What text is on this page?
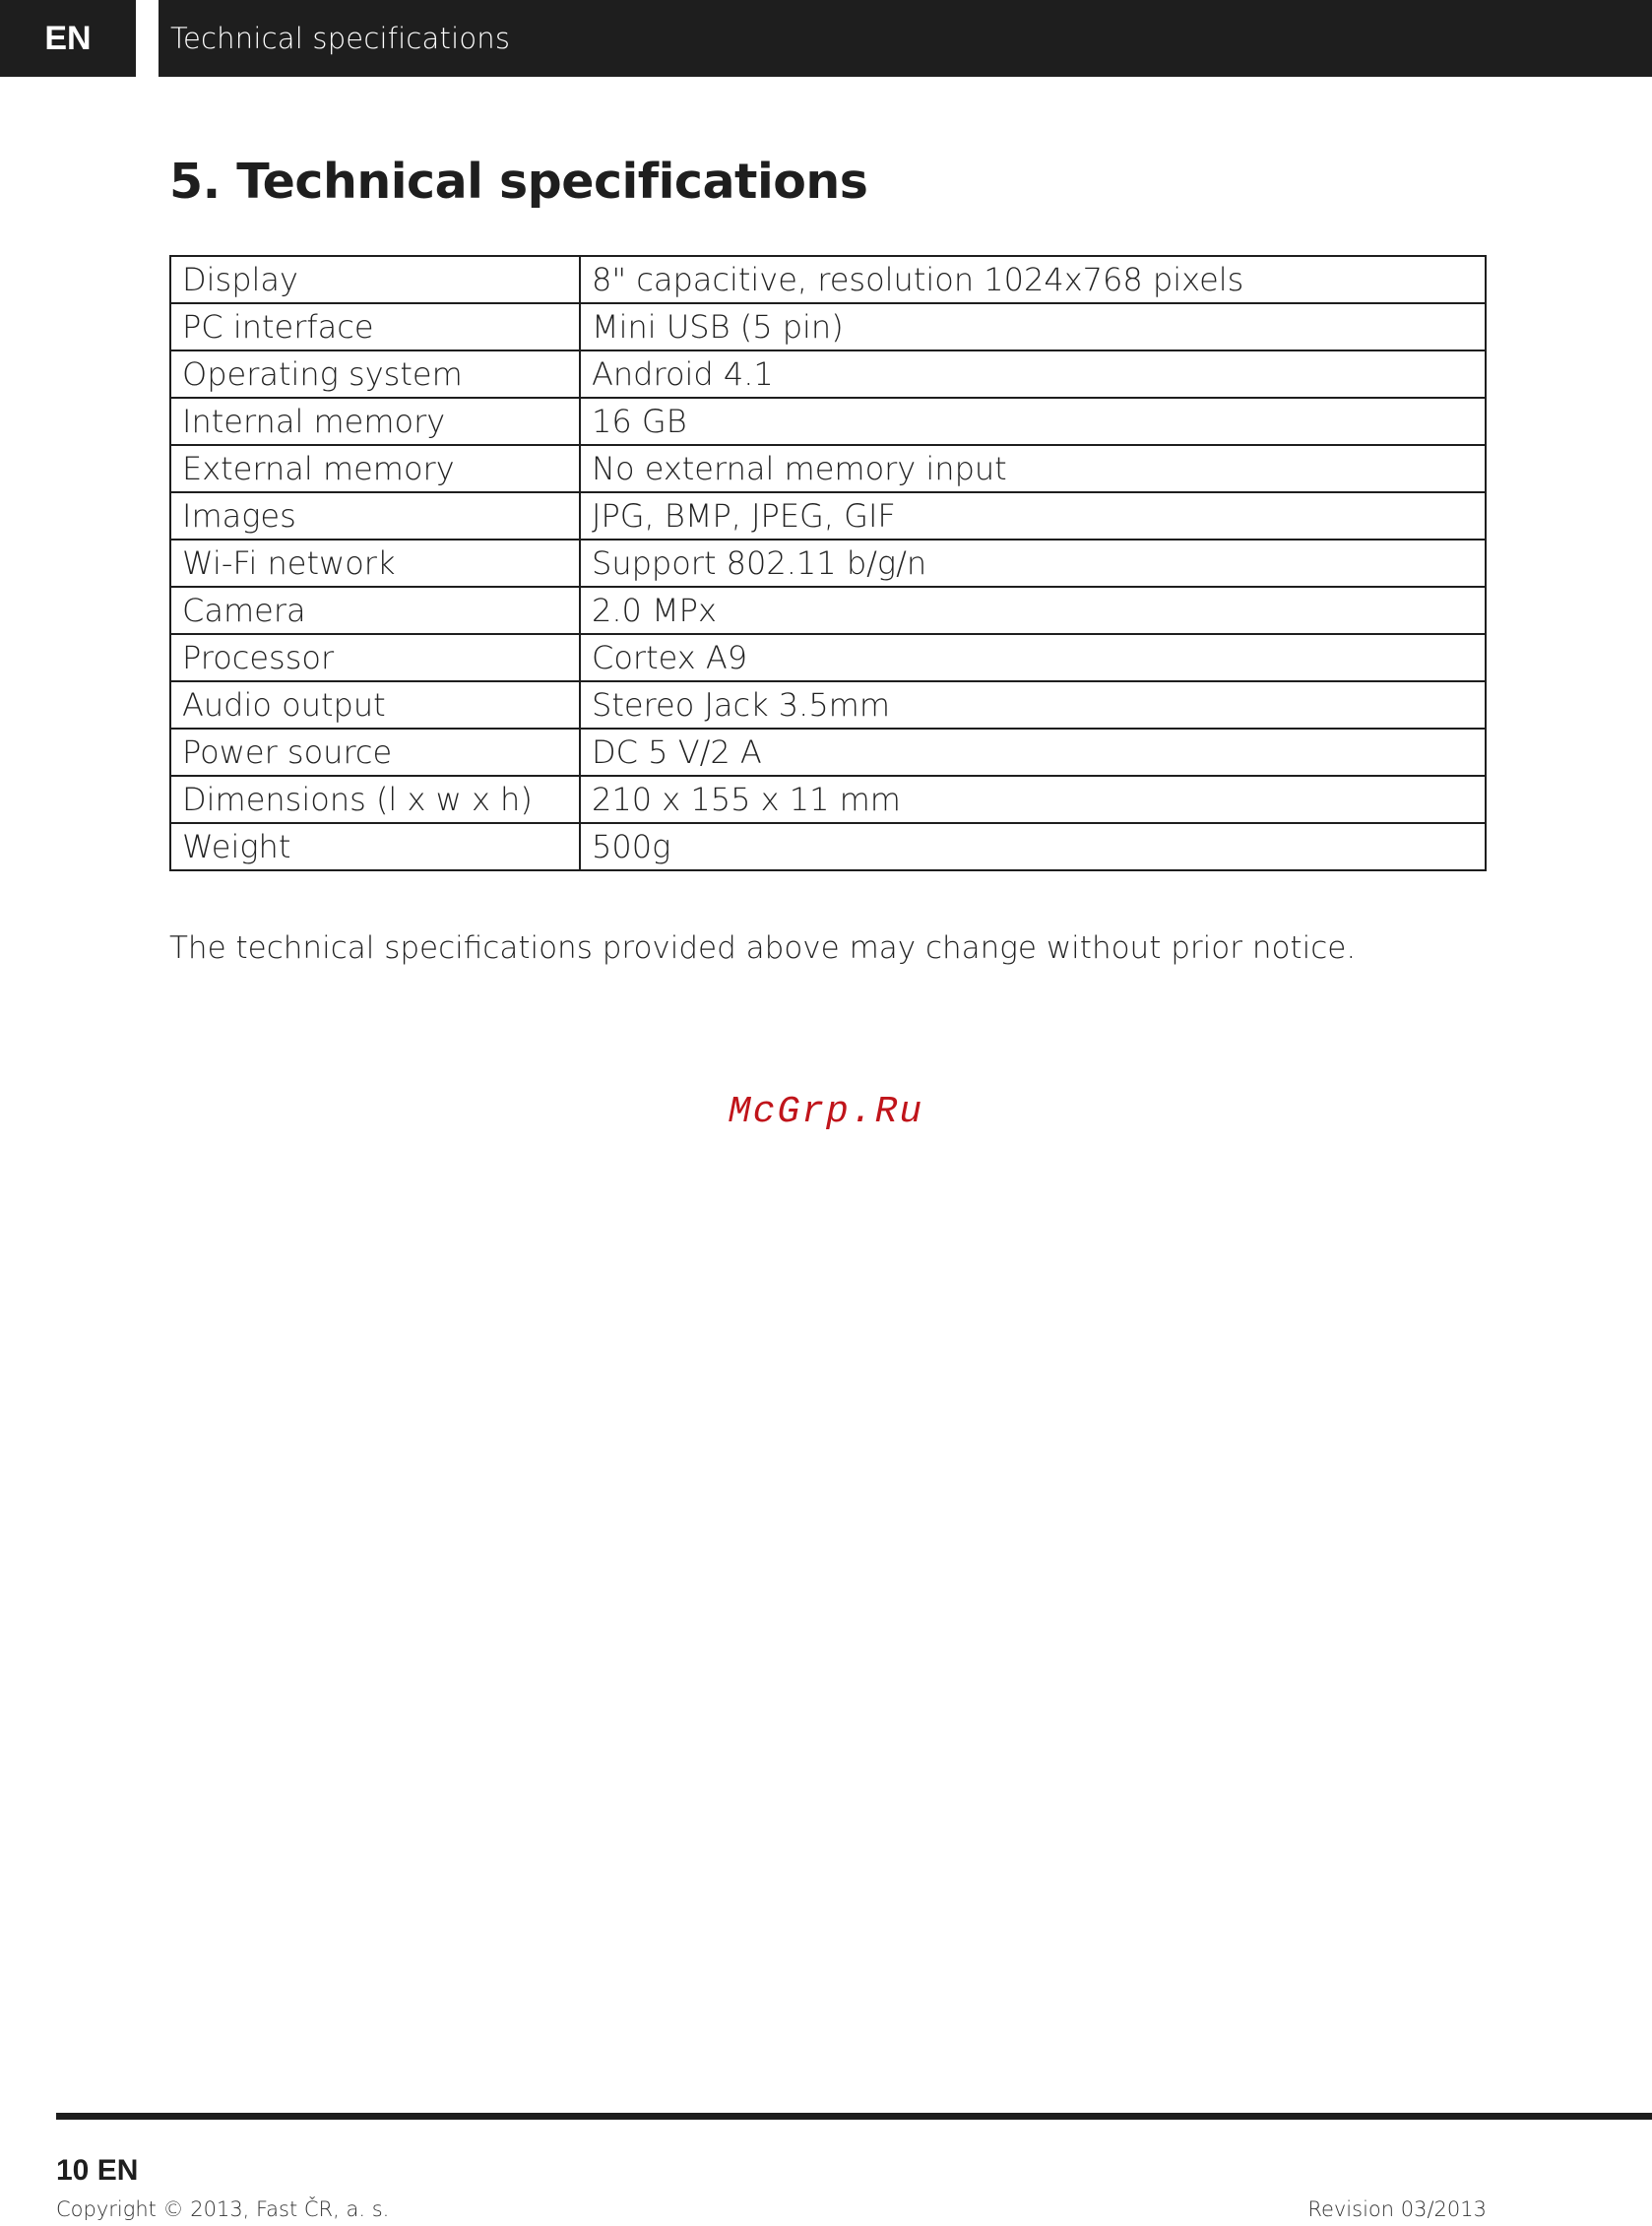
EN	Technical specifications
5. Technical specifications
Display	8" capacitive, resolution 1024x768 pixels
PC interface	Mini USB (5 pin)
Operating system	Android 4.1
Internal memory	16 GB
External memory	No external memory input
Images	JPG, BMP, JPEG, GIF
Wi-Fi network	Support 802.11 b/g/n
Camera	2.0 MPx
Processor	Cortex A9
Audio output	Stereo Jack 3.5mm
Power source	DC 5 V/2 A
Dimensions (l x w x h)	210 x 155 x 11 mm
Weight	500g
The technical specifications provided above may change without prior notice.
McGrp.Ru
10 EN
Copyright © 2013, Fast ČR, a. s.	Revision 03/2013
